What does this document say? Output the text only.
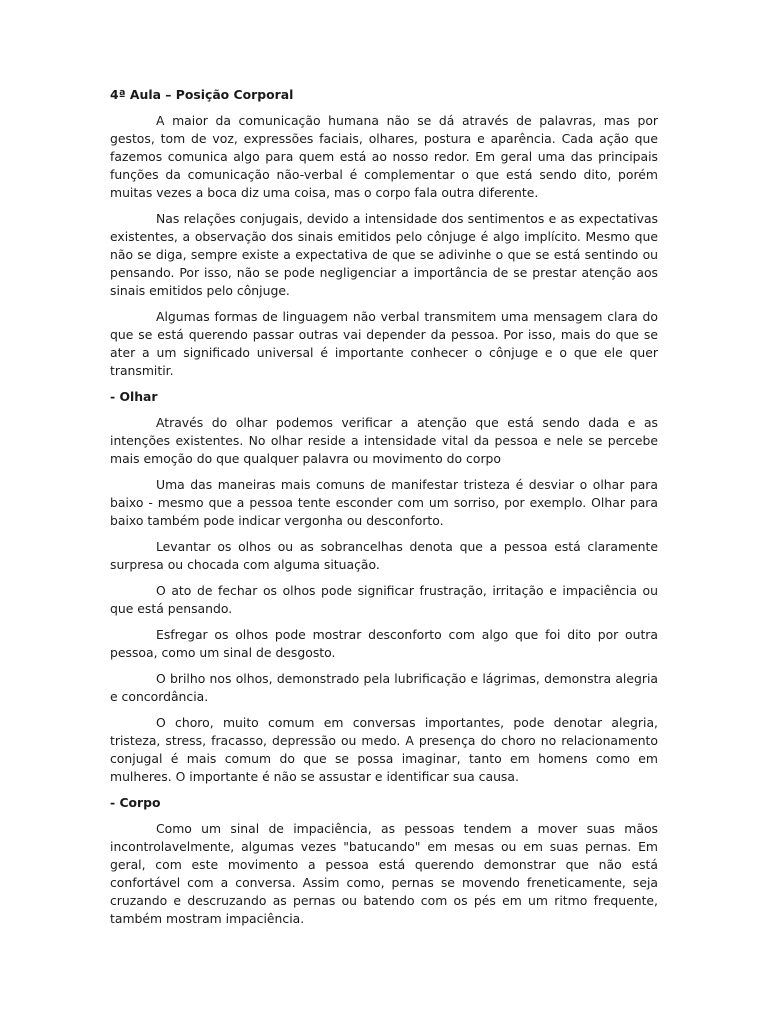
4ª Aula – Posição Corporal

A maior da comunicação humana não se dá através de palavras, mas por gestos, tom de voz, expressões faciais, olhares, postura e aparência. Cada ação que fazemos comunica algo para quem está ao nosso redor. Em geral uma das principais funções da comunicação não-verbal é complementar o que está sendo dito, porém muitas vezes a boca diz uma coisa, mas o corpo fala outra diferente.

Nas relações conjugais, devido a intensidade dos sentimentos e as expectativas existentes, a observação dos sinais emitidos pelo cônjuge é algo implícito. Mesmo que não se diga, sempre existe a expectativa de que se adivinhe o que se está sentindo ou pensando. Por isso, não se pode negligenciar a importância de se prestar atenção aos sinais emitidos pelo cônjuge.

Algumas formas de linguagem não verbal transmitem uma mensagem clara do que se está querendo passar outras vai depender da pessoa. Por isso, mais do que se ater a um significado universal é importante conhecer o cônjuge e o que ele quer transmitir.

- Olhar

Através do olhar podemos verificar a atenção que está sendo dada e as intenções existentes. No olhar reside a intensidade vital da pessoa e nele se percebe mais emoção do que qualquer palavra ou movimento do corpo

Uma das maneiras mais comuns de manifestar tristeza é desviar o olhar para baixo - mesmo que a pessoa tente esconder com um sorriso, por exemplo. Olhar para baixo também pode indicar vergonha ou desconforto.

Levantar os olhos ou as sobrancelhas denota que a pessoa está claramente surpresa ou chocada com alguma situação.

O ato de fechar os olhos pode significar frustração, irritação e impaciência ou que está pensando.

Esfregar os olhos pode mostrar desconforto com algo que foi dito por outra pessoa, como um sinal de desgosto.

O brilho nos olhos, demonstrado pela lubrificação e lágrimas, demonstra alegria e concordância.

O choro, muito comum em conversas importantes, pode denotar alegria, tristeza, stress, fracasso, depressão ou medo. A presença do choro no relacionamento conjugal é mais comum do que se possa imaginar, tanto em homens como em mulheres. O importante é não se assustar e identificar sua causa.

- Corpo

Como um sinal de impaciência, as pessoas tendem a mover suas mãos incontrolavelmente, algumas vezes "batucando" em mesas ou em suas pernas. Em geral, com este movimento a pessoa está querendo demonstrar que não está confortável com a conversa. Assim como, pernas se movendo freneticamente, seja cruzando e descruzando as pernas ou batendo com os pés em um ritmo frequente, também mostram impaciência.
